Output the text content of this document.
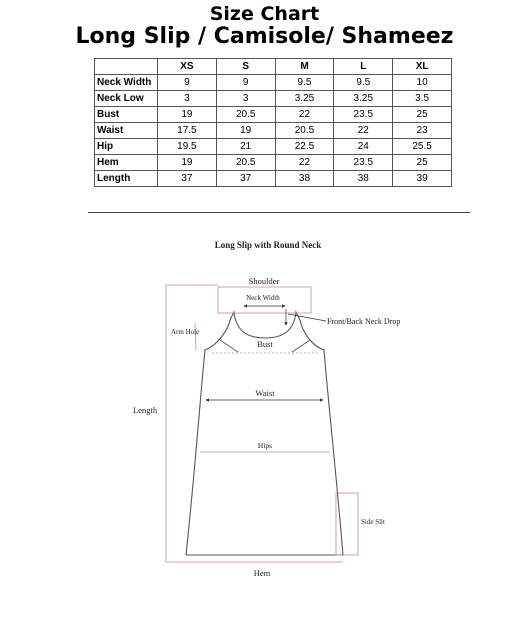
Size Chart
Long Slip / Camisole/ Shameez
	XS	S	M	L	XL
Neck Width	9	9	9.5	9.5	10
Neck Low	3	3	3.25	3.25	3.5
Bust	19	20.5	22	23.5	25
Waist	17.5	19	20.5	22	23
Hip	19.5	21	22.5	24	25.5
Hem	19	20.5	22	23.5	25
Length	37	37	38	38	39
Long Slip with Round Neck
Shoulder
Neck Width
Front/Back Neck Drop
Arm Hole
Bust
Waist
Hips
Length
Side Slit
Hem
